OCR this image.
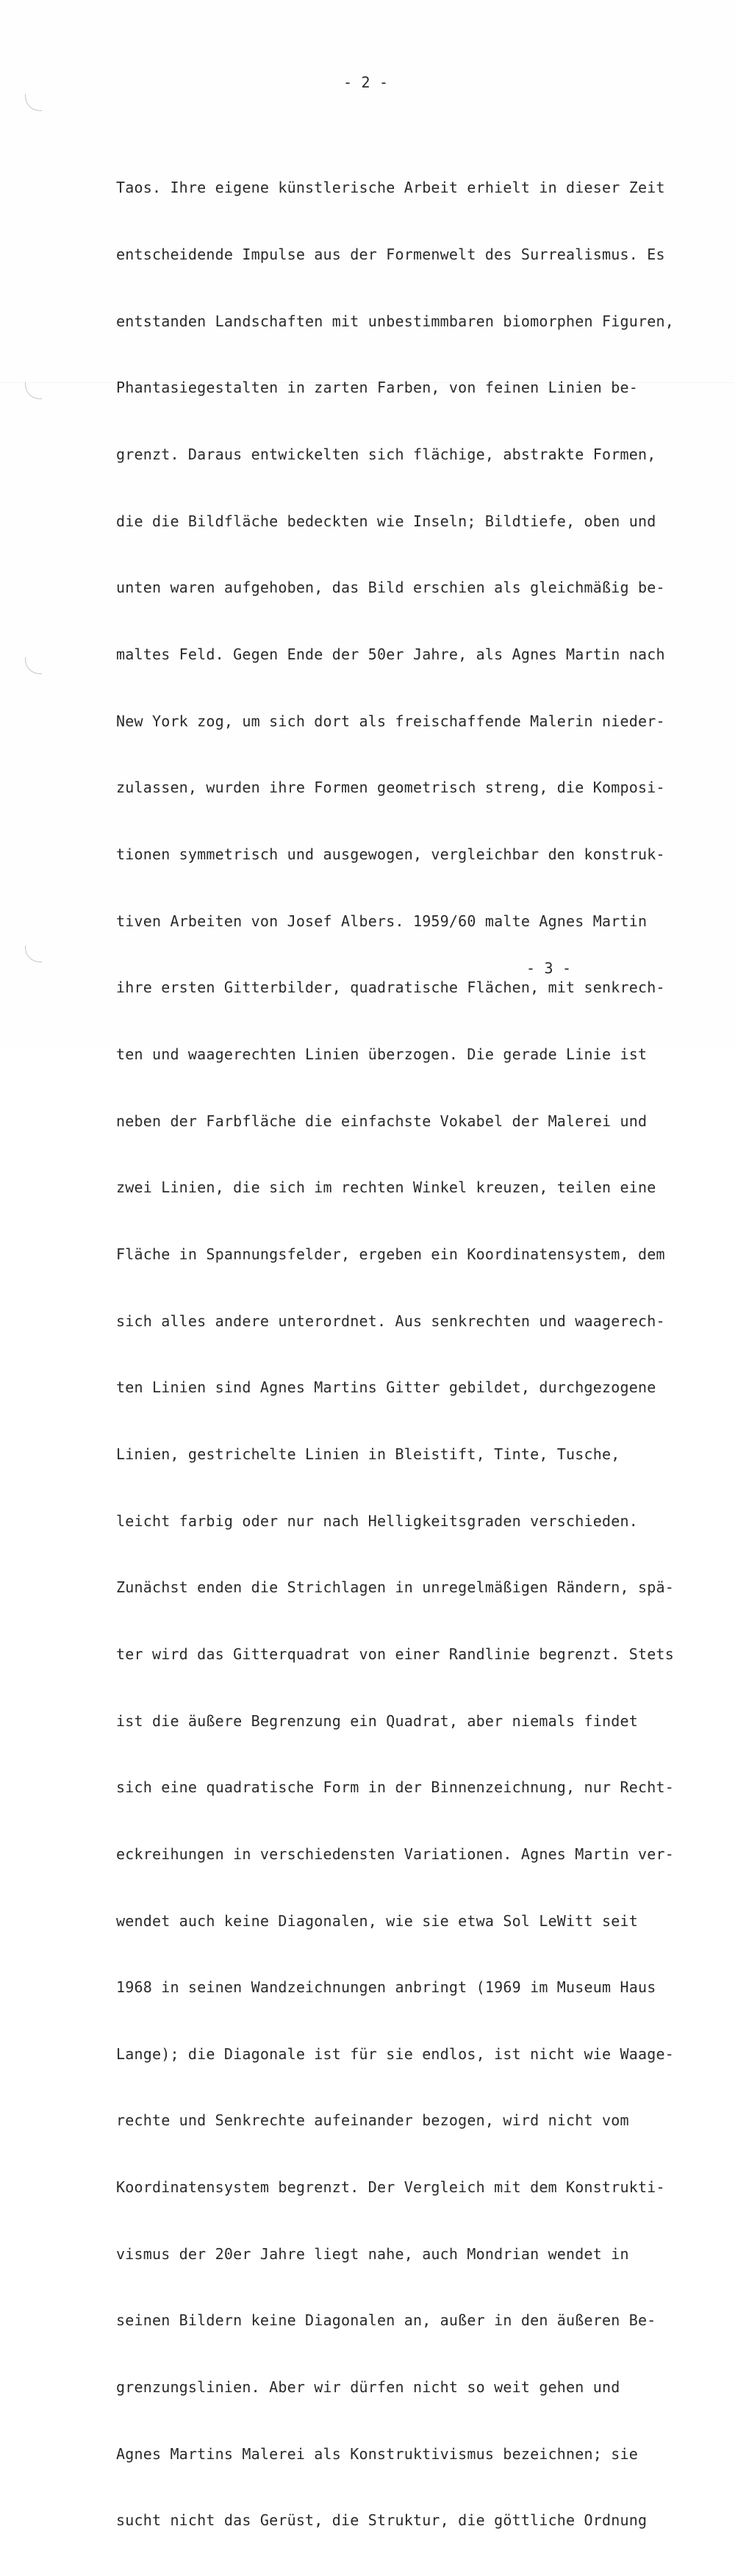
- 2 -

Taos. Ihre eigene künstlerische Arbeit erhielt in dieser Zeit

entscheidende Impulse aus der Formenwelt des Surrealismus. Es

entstanden Landschaften mit unbestimmbaren biomorphen Figuren,

Phantasiegestalten in zarten Farben, von feinen Linien be-

grenzt. Daraus entwickelten sich flächige, abstrakte Formen,

die die Bildfläche bedeckten wie Inseln; Bildtiefe, oben und

unten waren aufgehoben, das Bild erschien als gleichmäßig be-

maltes Feld. Gegen Ende der 50er Jahre, als Agnes Martin nach

New York zog, um sich dort als freischaffende Malerin nieder-

zulassen, wurden ihre Formen geometrisch streng, die Komposi-

tionen symmetrisch und ausgewogen, vergleichbar den konstruk-

tiven Arbeiten von Josef Albers. 1959/60 malte Agnes Martin

ihre ersten Gitterbilder, quadratische Flächen, mit senkrech-

ten und waagerechten Linien überzogen. Die gerade Linie ist

neben der Farbfläche die einfachste Vokabel der Malerei und

zwei Linien, die sich im rechten Winkel kreuzen, teilen eine

Fläche in Spannungsfelder, ergeben ein Koordinatensystem, dem

sich alles andere unterordnet. Aus senkrechten und waagerech-

ten Linien sind Agnes Martins Gitter gebildet, durchgezogene

Linien, gestrichelte Linien in Bleistift, Tinte, Tusche,

leicht farbig oder nur nach Helligkeitsgraden verschieden.

Zunächst enden die Strichlagen in unregelmäßigen Rändern, spä-

ter wird das Gitterquadrat von einer Randlinie begrenzt. Stets

ist die äußere Begrenzung ein Quadrat, aber niemals findet

sich eine quadratische Form in der Binnenzeichnung, nur Recht-

eckreihungen in verschiedensten Variationen. Agnes Martin ver-

wendet auch keine Diagonalen, wie sie etwa Sol LeWitt seit

1968 in seinen Wandzeichnungen anbringt (1969 im Museum Haus

Lange); die Diagonale ist für sie endlos, ist nicht wie Waage-

rechte und Senkrechte aufeinander bezogen, wird nicht vom

Koordinatensystem begrenzt. Der Vergleich mit dem Konstrukti-

vismus der 20er Jahre liegt nahe, auch Mondrian wendet in

seinen Bildern keine Diagonalen an, außer in den äußeren Be-

grenzungslinien. Aber wir dürfen nicht so weit gehen und

Agnes Martins Malerei als Konstruktivismus bezeichnen; sie

sucht nicht das Gerüst, die Struktur, die göttliche Ordnung

- 3 -
